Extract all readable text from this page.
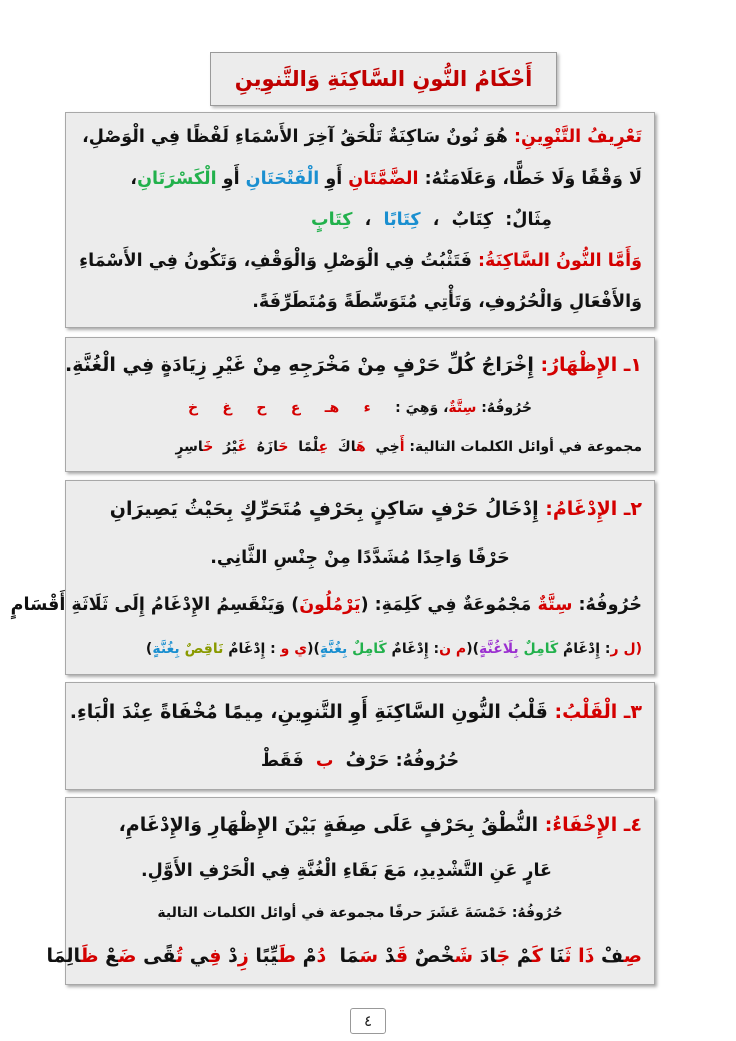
أَحْكَامُ النُّونِ السَّاكِنَةِ وَالتَّنوِينِ
تَعْرِيفُ التَّنْوِينِ: هُوَ نُونٌ سَاكِنَةٌ تَلْحَقُ آخِرَ الأَسْمَاءِ لَفْظًا فِي الْوَصْلِ،
لَا وَقْفًا وَلَا خَطًّا، وَعَلَامَتُهُ: الضَّمَّتَانِ أَوِ الْفَتْحَتَانِ أَوِ الْكَسْرَتَانِ،
مِثَالٌ:  كِتَابٌ  ،  كِتَابًا  ،  كِتَابٍ
وَأَمَّا النُّونُ السَّاكِنَةُ: فَتَثْبُتُ فِي الْوَصْلِ وَالْوَقْفِ، وَتَكُونُ فِي الأَسْمَاءِ
وَالأَفْعَالِ وَالْحُرُوفِ، وَتَأْتِي مُتَوَسِّطَةً وَمُتَطَرِّفَةً.
١ـ الإِظْهَارُ: إِخْرَاجُ كُلِّ حَرْفٍ مِنْ مَخْرَجِهِ مِنْ غَيْرِ زِيَادَةٍ فِي الْغُنَّةِ.
حُرُوفُهُ: سِتَّةٌ، وَهِيَ :     ء     هـ     ع     ح     غ     خ
مجموعة في أوائل الكلمات التالية: أَخِي  هَاكَ  عِلْمًا  حَازَهُ  غَيْرُ  خَاسِرٍ
٢ـ الإِدْغَامُ: إِدْخَالُ حَرْفٍ سَاكِنٍ بِحَرْفٍ مُتَحَرِّكٍ بِحَيْثُ يَصِيرَانِ
حَرْفًا وَاحِدًا مُشَدَّدًا مِنْ جِنْسِ الثَّانِي.
حُرُوفُهُ: سِتَّةٌ مَجْمُوعَةٌ فِي كَلِمَةِ: (يَرْمُلُونَ) وَيَنْقَسِمُ الإِدْغَامُ إِلَى ثَلَاثَةِ أَقْسَامٍ
(ل ر: إِدْغَامٌ كَامِلٌ بِلَاغُنَّةٍ)(م ن: إِدْغَامٌ كَامِلٌ بِغُنَّةٍ)(ي و : إِدْغَامٌ نَاقِصٌ بِغُنَّةٍ)
٣ـ الْقَلْبُ: قَلْبُ النُّونِ السَّاكِنَةِ أَوِ التَّنوِينِ، مِيمًا مُخْفَاةً عِنْدَ الْبَاءِ.
حُرُوفُهُ: حَرْفُ  ب  فَقَطْ
٤ـ الإِخْفَاءُ: النُّطْقُ بِحَرْفٍ عَلَى صِفَةٍ بَيْنَ الإِظْهَارِ وَالإِدْغَامِ،
عَارٍ عَنِ التَّشْدِيدِ، مَعَ بَقَاءِ الْغُنَّةِ فِي الْحَرْفِ الأَوَّلِ.
حُرُوفُهُ: خَمْسَةَ عَشَرَ حرفًا مجموعة في أوائل الكلمات التالية
صِفْ ذَا ثَنَا كَمْ جَادَ شَخْصٌ قَدْ سَمَا  دُمْ طَيِّبًا زِدْ فِي تُقًى ضَعْ ظَالِمَا
٤
